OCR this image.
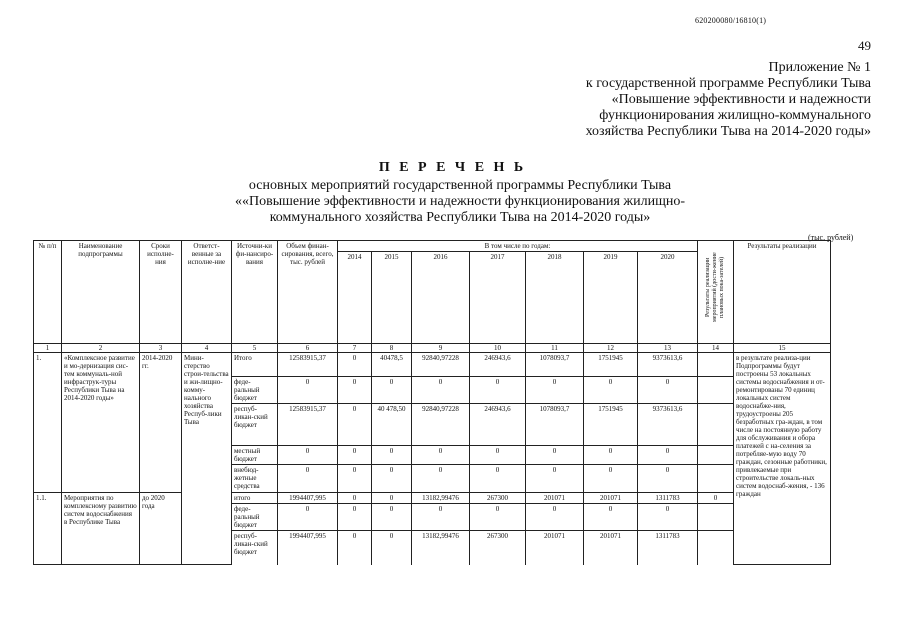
620200080/16810(1)
49
Приложение № 1
к государственной программе Республики Тыва
«Повышение эффективности и надежности
функционирования жилищно-коммунального
хозяйства Республики Тыва на 2014-2020 годы»
П Е Р Е Ч Е Н Ь
основных мероприятий государственной программы Республики Тыва
««Повышение эффективности и надежности функционирования жилищно-
коммунального хозяйства Республики Тыва на 2014-2020 годы»
(тыс. рублей)
№ п/п	Наименование подпрограммы	Сроки исполне-ния	Ответст-венные за исполне-ние	Источни-ки фи-нансиро-вания	Объем финан-сирования, всего, тыс. рублей	В том числе по годам:							Результаты реализации мероприятий (дости-жение плановых пока-зателей)	Результаты реализации
						2014	2015	2016	2017	2018	2019	2020		
1	2	3	4	5	6	7	8	9	10	11	12	13	14	15
1.	«Комплексное развитие и мо-дернизация сис-тем коммуналь-ной инфраструк-туры Республики Тыва на 2014-2020 годы»	2014-2020 гг.	Мини-стерство строи-тельства и жи-лищно-комму-нального хозяйства Респуб-лики Тыва	Итого	12583915,37	0	40478,5	92840,97228	246943,6	1078093,7	1751945	9373613,6		в результате реализа-ции Подпрограммы будут построены 53 локальных системы водоснабжения и от-ремонтированы 70 единиц локальных систем водоснабже-ния, трудоустроены 205 безработных гра-ждан, в том числе на постоянную работу для обслуживания и обора платежей с на-селения за потребляе-мую воду 70 граждан, сезонные работники, привлекаемые при строительстве локаль-ных систем водоснаб-жения, - 136 граждан
				феде-ральный бюджет	0	0	0	0	0	0	0	0		
				респуб-ликан-ский бюджет	12583915,37	0	40 478,50	92840,97228	246943,6	1078093,7	1751945	9373613,6		
				местный бюджет	0	0	0	0	0	0	0	0		
				внебюд-жетные средства	0	0	0	0	0	0	0	0		
1.1.	Мероприятия по комплексному развитию систем водоснабжения в Республике Тыва	до 2020 года		итого	1994407,995	0	0	13182,99476	267300	201071	201071	1311783	0	
				феде-ральный бюджет	0	0	0	0	0	0	0	0		
				респуб-ликан-ский бюджет	1994407,995	0	0	13182,99476	267300	201071	201071	1311783		
